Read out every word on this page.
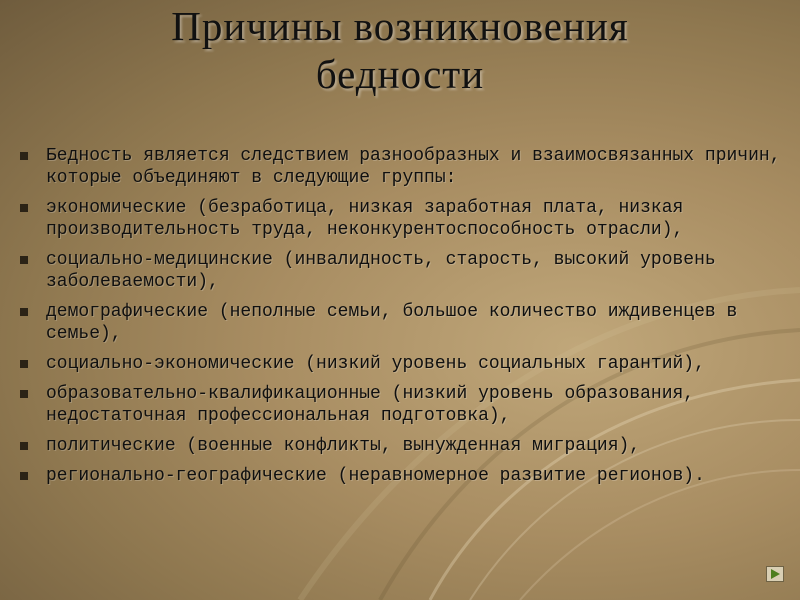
Причины возникновения
бедности
Бедность является следствием разнообразных и взаимосвязанных причин, которые объединяют в следующие группы:
экономические (безработица, низкая заработная плата, низкая производительность труда, неконкурентоспособность отрасли),
социально-медицинские (инвалидность, старость, высокий уровень заболеваемости),
демографические (неполные семьи, большое количество иждивенцев в семье),
социально-экономические (низкий уровень социальных гарантий),
образовательно-квалификационные (низкий уровень образования, недостаточная профессиональная подготовка),
политические (военные конфликты, вынужденная миграция),
регионально-географические (неравномерное развитие регионов).
